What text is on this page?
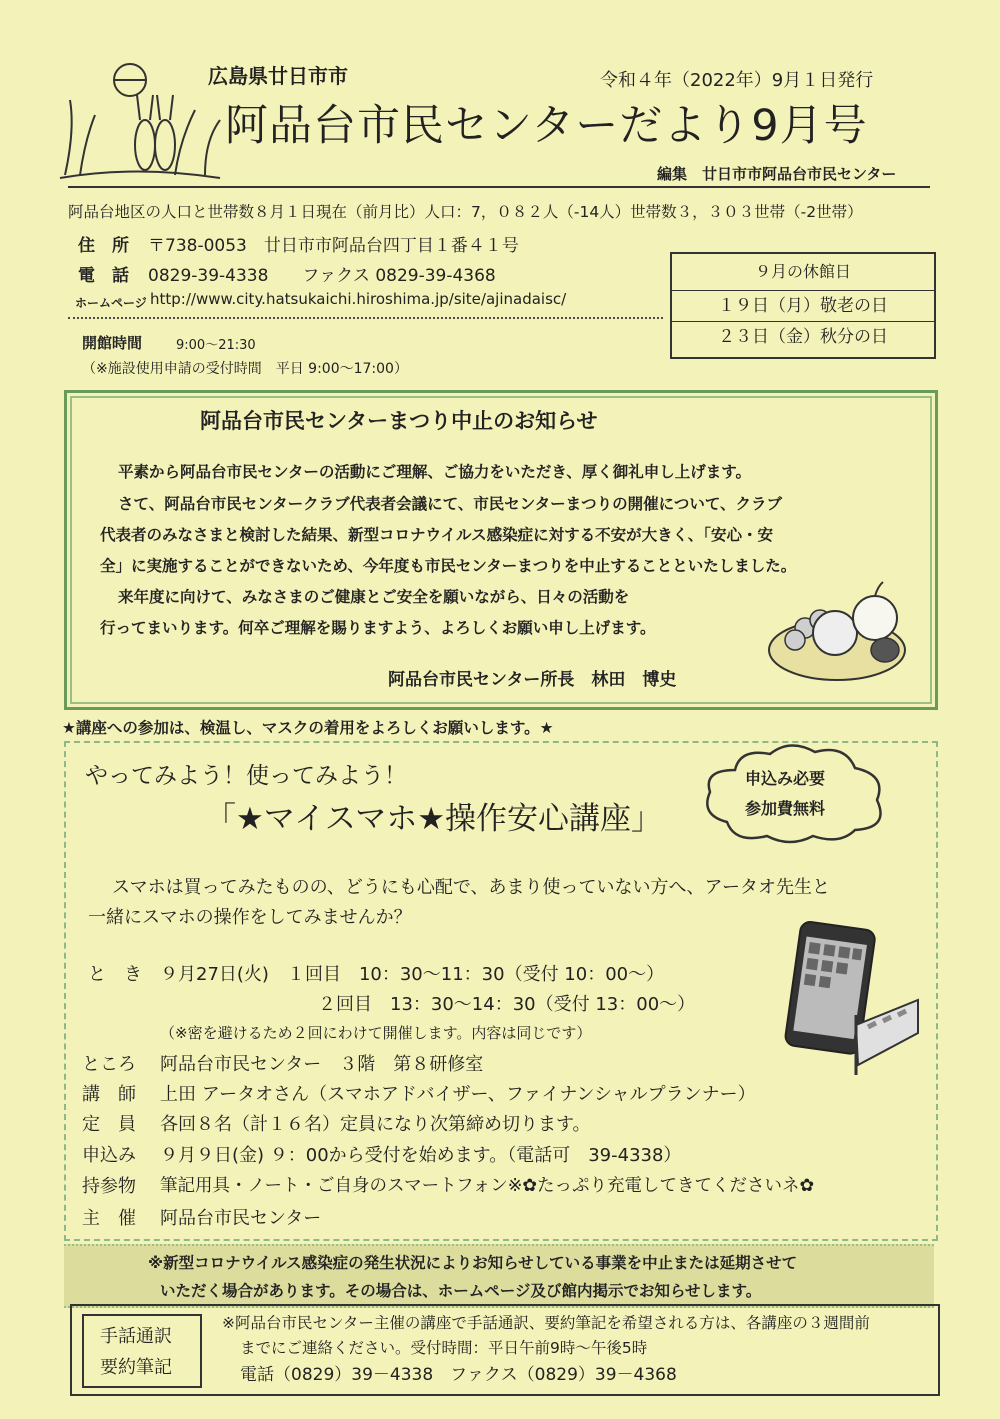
広島県廿日市市	令和４年（2022年）9月１日発行
阿品台市民センターだより9月号
編集　廿日市市阿品台市民センター
阿品台地区の人口と世帯数８月１日現在（前月比）人口：7，０８２人（-14人）世帯数３，３０３世帯（-2世帯）
住　所 〒738-0053　廿日市市阿品台四丁目１番４１号
電　話 0829-39-4338　　ファクス 0829-39-4368
ホームページ http://www.city.hatsukaichi.hiroshima.jp/site/ajinadaisc/
開館時間	9:00～21:30
（※施設使用申請の受付時間　平日 9:00～17:00）
９月の休館日
１９日（月）敬老の日
２３日（金）秋分の日
阿品台市民センターまつり中止のお知らせ
平素から阿品台市民センターの活動にご理解、ご協力をいただき、厚く御礼申し上げます。
さて、阿品台市民センタークラブ代表者会議にて、市民センターまつりの開催について、クラブ
代表者のみなさまと検討した結果、新型コロナウイルス感染症に対する不安が大きく、「安心・安
全」に実施することができないため、今年度も市民センターまつりを中止することといたしました。
来年度に向けて、みなさまのご健康とご安全を願いながら、日々の活動を
行ってまいります。何卒ご理解を賜りますよう、よろしくお願い申し上げます。
阿品台市民センター所長　林田　博史
★講座への参加は、検温し、マスクの着用をよろしくお願いします。★
やってみよう！使ってみよう！
「★マイスマホ★操作安心講座」
申込み必要
参加費無料
スマホは買ってみたものの、どうにも心配で、あまり使っていない方へ、アータオ先生と
一緒にスマホの操作をしてみませんか？
と　き ９月27日(火)　１回目　10：30～11：30（受付 10：00～）
２回目　13：30～14：30（受付 13：00～）
（※密を避けるため２回にわけて開催します。内容は同じです）
ところ 阿品台市民センター　３階　第８研修室
講　師 上田 アータオさん（スマホアドバイザー、ファイナンシャルプランナー）
定　員 各回８名（計１６名）定員になり次第締め切ります。
申込み ９月９日(金) ９：00から受付を始めます。（電話可　39-4338）
持参物 筆記用具・ノート・ご自身のスマートフォン※✿たっぷり充電してきてくださいネ✿
主　催 阿品台市民センター
※新型コロナウイルス感染症の発生状況によりお知らせしている事業を中止または延期させて
いただく場合があります。その場合は、ホームページ及び館内掲示でお知らせします。
手話通訳
要約筆記
※阿品台市民センター主催の講座で手話通訳、要約筆記を希望される方は、各講座の３週間前
までにご連絡ください。受付時間：平日午前9時～午後5時
電話（0829）39－4338　ファクス（0829）39－4368
